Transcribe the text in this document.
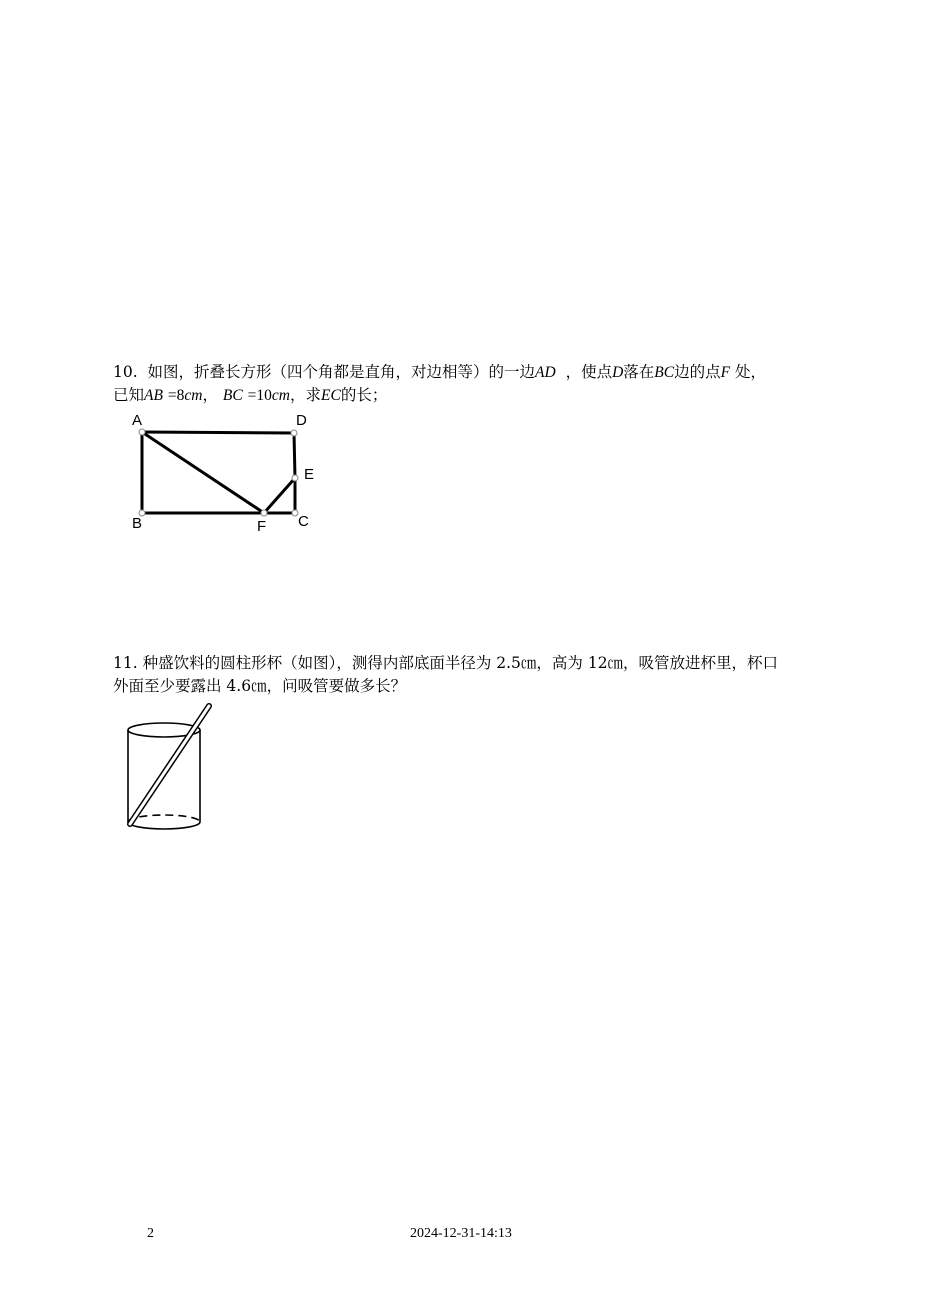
10. 如图，折叠长方形（四个角都是直角，对边相等）的一边AD ，使点D落在BC边的点F 处，
已知AB =8cm， BC =10cm，求EC的长；
A	D
E
B	F C
11. 种盛饮料的圆柱形杯（如图），测得内部底面半径为 2.5㎝，高为 12㎝，吸管放进杯里，杯口
外面至少要露出 4.6㎝，问吸管要做多长？
2	2024-12-31-14:13
